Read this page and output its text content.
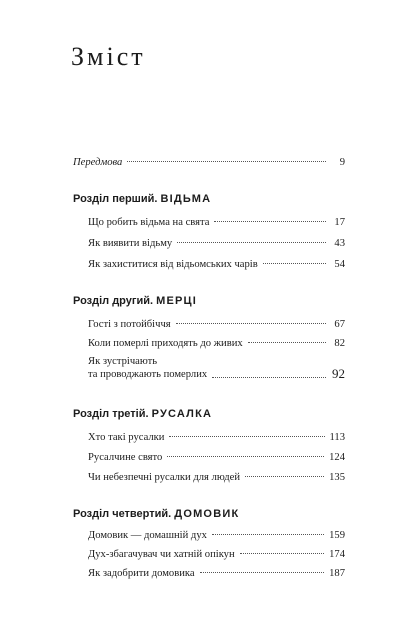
Зміст
Передмова	9
Розділ перший. ВІДЬМА
Що робить відьма на свята	17
Як виявити відьму	43
Як захиститися від відьомських чарів	54
Розділ другий. МЕРЦІ
Гості з потойбіччя	67
Коли померлі приходять до живих	82
Як зустрічають
та проводжають померлих	92
Розділ третій. РУСАЛКА
Хто такі русалки	113
Русалчине свято	124
Чи небезпечні русалки для людей	135
Розділ четвертий. ДОМОВИК
Домовик — домашній дух	159
Дух-збагачувач чи хатній опікун	174
Як задобрити домовика	187
